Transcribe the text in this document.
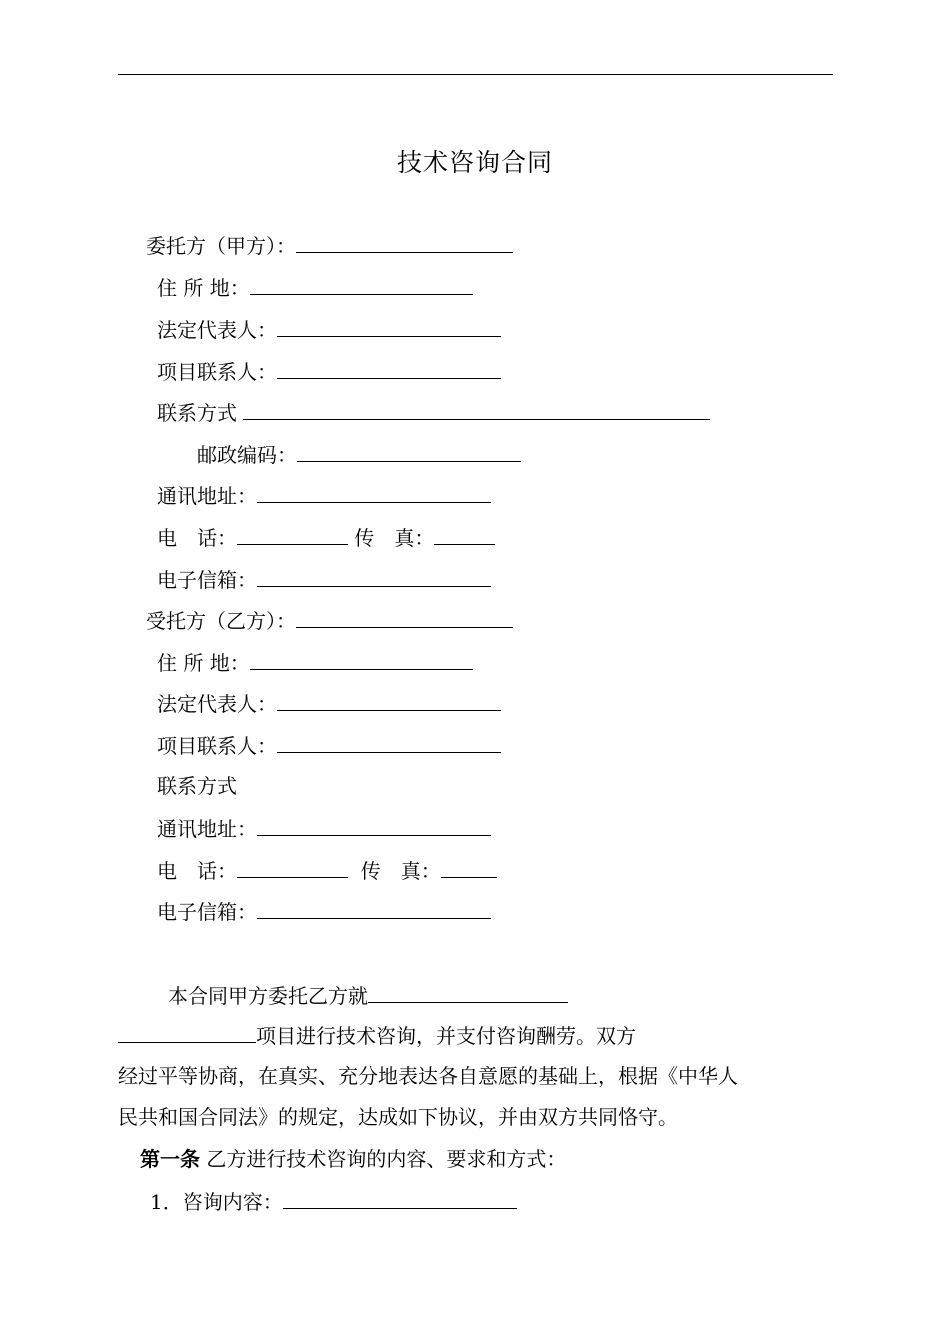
技术咨询合同
委托方（甲方）：
住 所 地：
法定代表人：
项目联系人：
联系方式
邮政编码：
通讯地址：
电　话：	传　真：
电子信箱：
受托方（乙方）：
住 所 地：
法定代表人：
项目联系人：
联系方式
通讯地址：
电　话：	传　真：
电子信箱：
本合同甲方委托乙方就
项目进行技术咨询，并支付咨询酬劳。双方
经过平等协商，在真实、充分地表达各自意愿的基础上，根据《中华人
民共和国合同法》的规定，达成如下协议，并由双方共同恪守。
第一条 乙方进行技术咨询的内容、要求和方式：
1．咨询内容：
